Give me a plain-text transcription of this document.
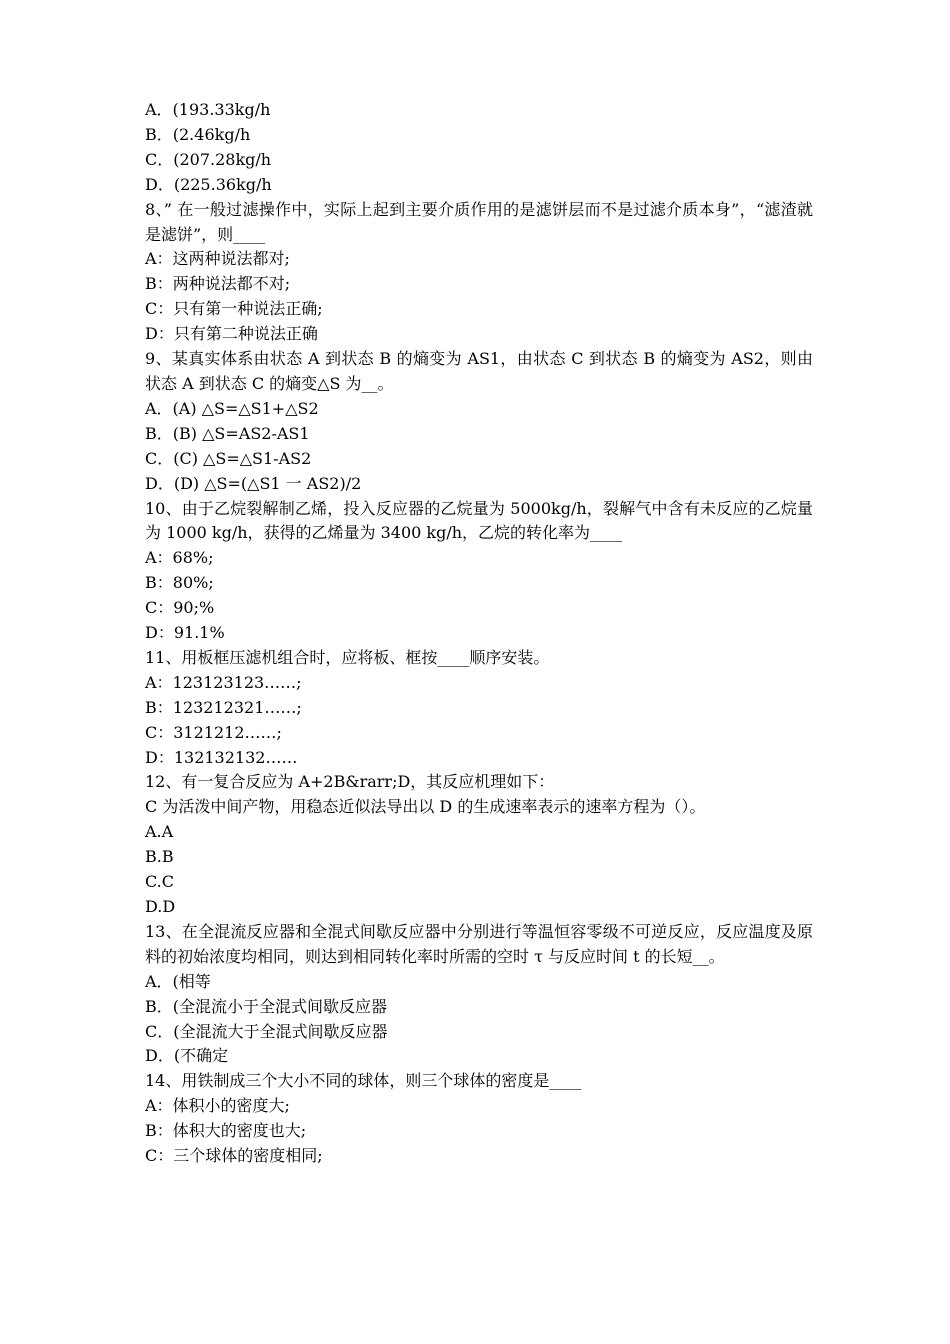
A．(193.33kg/h
B．(2.46kg/h
C．(207.28kg/h
D．(225.36kg/h
8、” 在一般过滤操作中，实际上起到主要介质作用的是滤饼层而不是过滤介质本身”，“滤渣就是滤饼”，则____
A：这两种说法都对;
B：两种说法都不对;
C：只有第一种说法正确;
D：只有第二种说法正确
9、某真实体系由状态 A 到状态 B 的熵变为 AS1，由状态 C 到状态 B 的熵变为 AS2，则由状态 A 到状态 C 的熵变△S 为__。
A．(A) △S=△S1+△S2
B．(B) △S=AS2-AS1
C．(C) △S=△S1-AS2
D．(D) △S=(△S1 一 AS2)/2
10、由于乙烷裂解制乙烯，投入反应器的乙烷量为 5000kg/h，裂解气中含有未反应的乙烷量为 1000 kg/h，获得的乙烯量为 3400 kg/h，乙烷的转化率为____
A：68%;
B：80%;
C：90;%
D：91.1%
11、用板框压滤机组合时，应将板、框按____顺序安装。
A：123123123……;
B：123212321……;
C：3121212……;
D：132132132……
12、有一复合反应为 A+2B&rarr;D，其反应机理如下：
C 为活泼中间产物，用稳态近似法导出以 D 的生成速率表示的速率方程为（）。
A.A
B.B
C.C
D.D
13、在全混流反应器和全混式间歇反应器中分别进行等温恒容零级不可逆反应，反应温度及原料的初始浓度均相同，则达到相同转化率时所需的空时 τ 与反应时间 t 的长短__。
A．(相等
B．(全混流小于全混式间歇反应器
C．(全混流大于全混式间歇反应器
D．(不确定
14、用铁制成三个大小不同的球体，则三个球体的密度是____
A：体积小的密度大;
B：体积大的密度也大;
C：三个球体的密度相同;
